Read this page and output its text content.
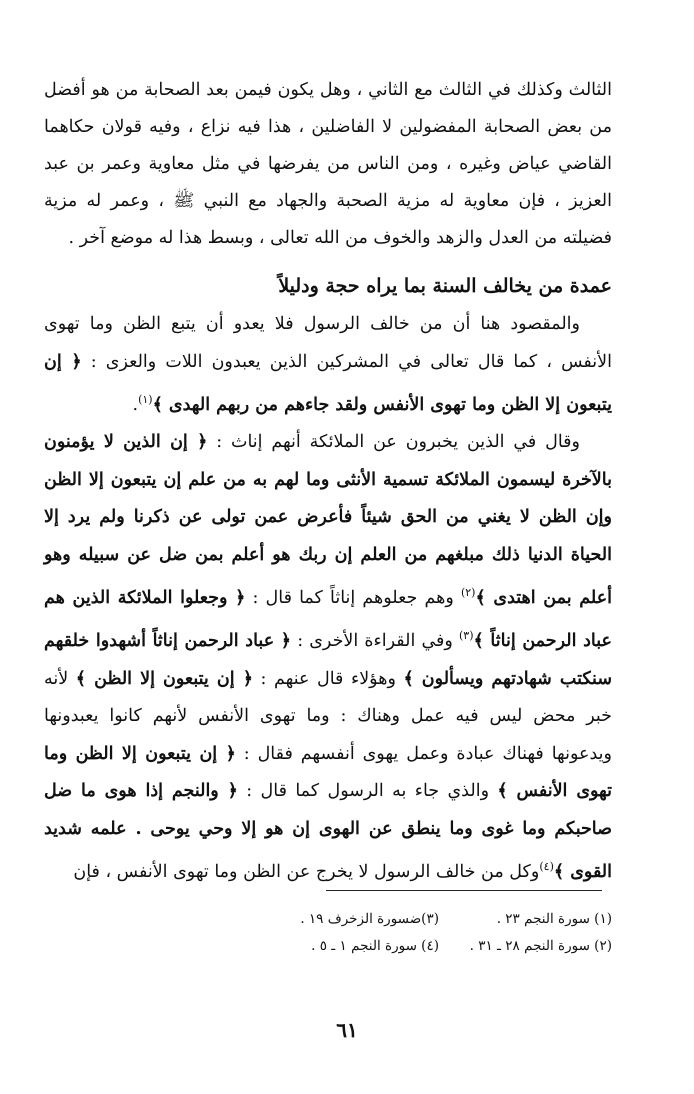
الثالث وكذلك في الثالث مع الثاني ، وهل يكون فيمن بعد الصحابة من هو أفضل من بعض الصحابة المفضولين لا الفاضلين ، هذا فيه نزاع ، وفيه قولان حكاهما القاضي عياض وغيره ، ومن الناس من يفرضها في مثل معاوية وعمر بن عبد العزيز ، فإن معاوية له مزية الصحبة والجهاد مع النبي ﷺ ، وعمر له مزية فضيلته من العدل والزهد والخوف من الله تعالى ، وبسط هذا له موضع آخر .

عمدة من يخالف السنة بما يراه حجة ودليلاً
والمقصود هنا أن من خالف الرسول فلا يعدو أن يتبع الظن وما تهوى الأنفس ، كما قال تعالى في المشركين الذين يعبدون اللات والعزى : ﴿ إن يتبعون إلا الظن وما تهوى الأنفس ولقد جاءهم من ربهم الهدى ﴾$^{(١)}$.
وقال في الذين يخبرون عن الملائكة أنهم إناث : ﴿ إن الذين لا يؤمنون بالآخرة ليسمون الملائكة تسمية الأنثى وما لهم به من علم إن يتبعون إلا الظن وإن الظن لا يغني من الحق شيئاً فأعرض عمن تولى عن ذكرنا ولم يرد إلا الحياة الدنيا ذلك مبلغهم من العلم إن ربك هو أعلم بمن ضل عن سبيله وهو أعلم بمن اهتدى ﴾$^{(٢)}$ وهم جعلوهم إناثاً كما قال : ﴿ وجعلوا الملائكة الذين هم عباد الرحمن إناثاً ﴾$^{(٣)}$ وفي القراءة الأخرى : ﴿ عباد الرحمن إناثاً أشهدوا خلقهم سنكتب شهادتهم ويسألون ﴾ وهؤلاء قال عنهم : ﴿ إن يتبعون إلا الظن ﴾ لأنه خبر محض ليس فيه عمل وهناك : وما تهوى الأنفس لأنهم كانوا يعبدونها ويدعونها فهناك عبادة وعمل يهوى أنفسهم فقال : ﴿ إن يتبعون إلا الظن وما تهوى الأنفس ﴾ والذي جاء به الرسول كما قال : ﴿ والنجم إذا هوى ما ضل صاحبكم وما غوى وما ينطق عن الهوى إن هو إلا وحي يوحى . علمه شديد القوى ﴾$^{(٤)}$وكل من خالف الرسول لا يخرج عن الظن وما تهوى الأنفس ، فإن
(١) سورة النجم ٢٣ .
(٣)ضسورة الزخرف ١٩ .
(٢) سورة النجم ٢٨ ـ ٣١ .
(٤) سورة النجم ١ ـ ٥ .
٦١
